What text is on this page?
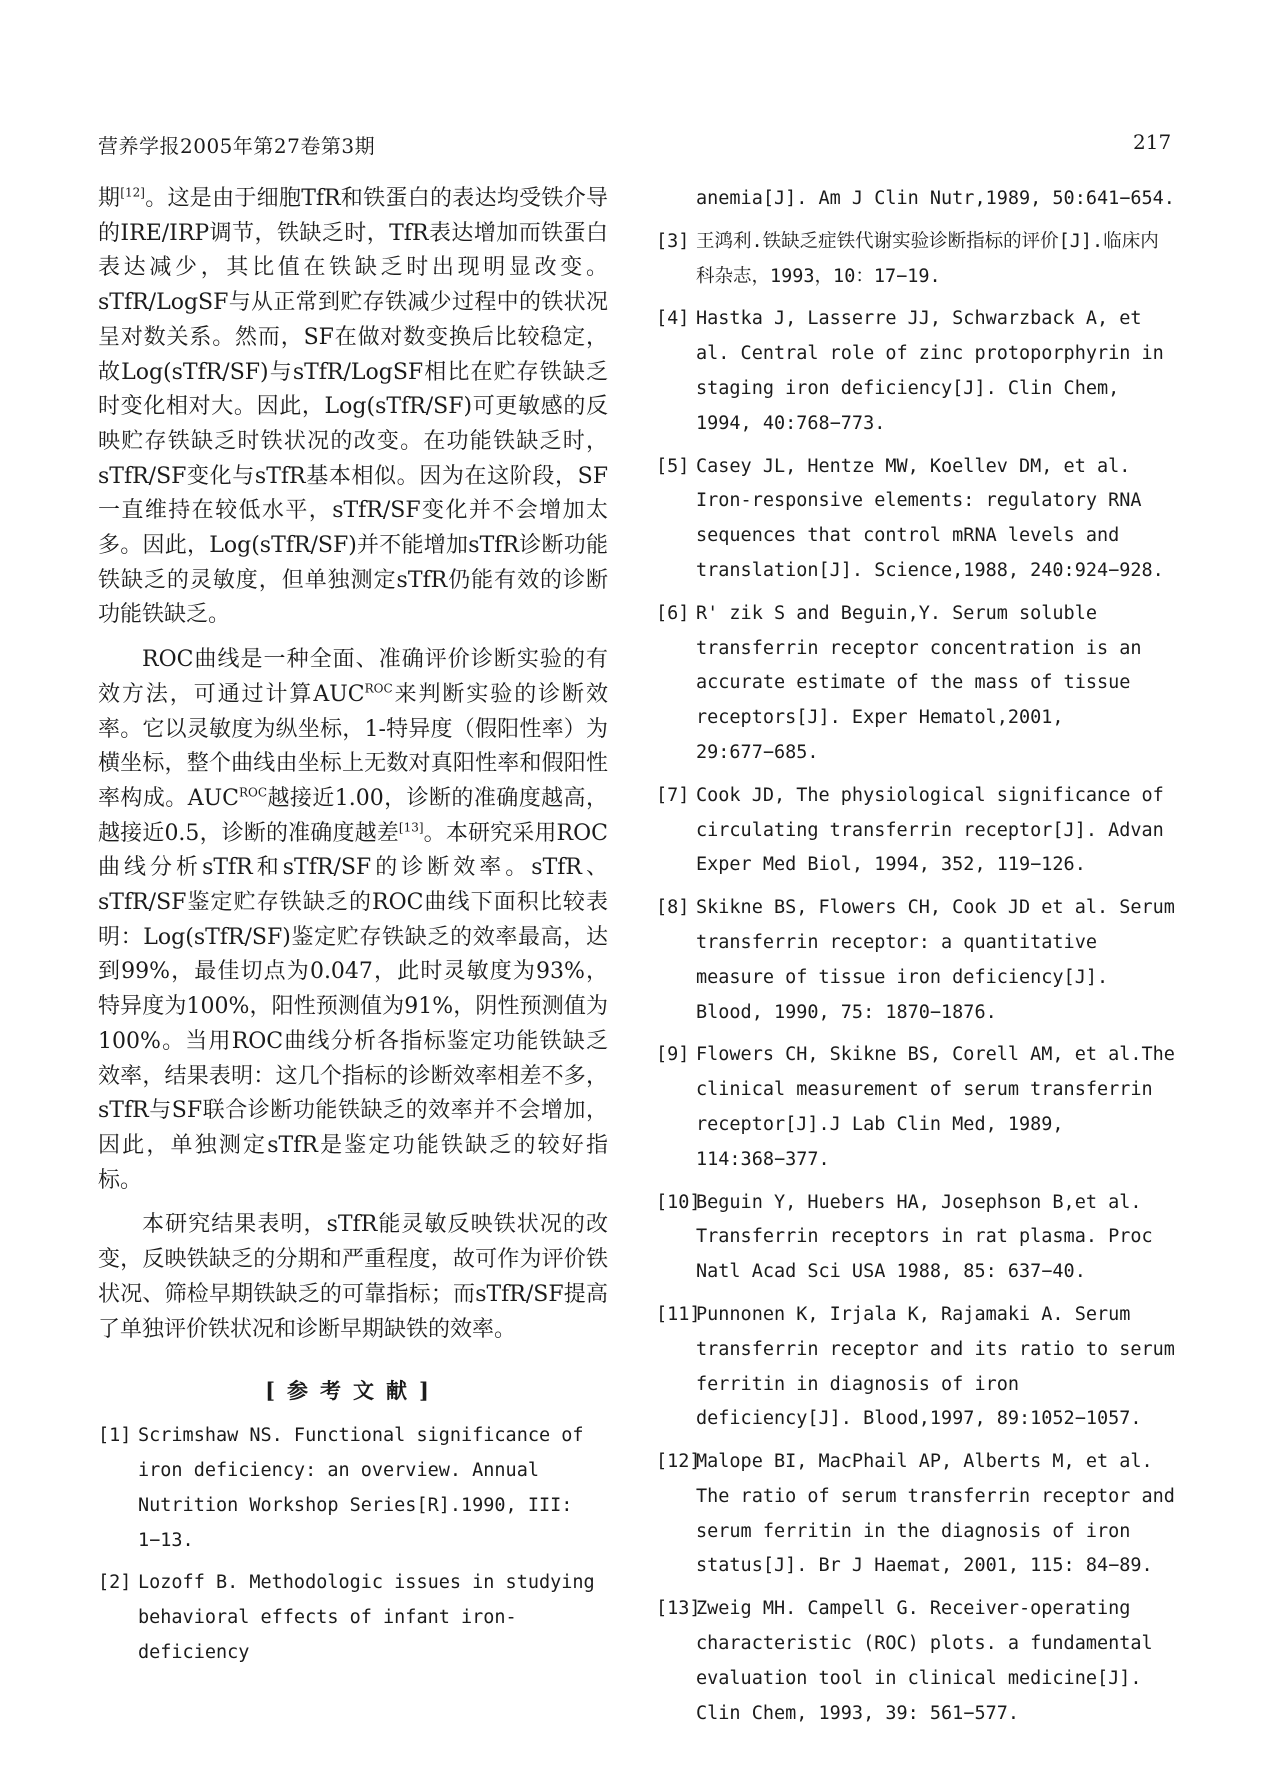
营养学报2005年第27卷第3期	217

期[12]。这是由于细胞TfR和铁蛋白的表达均受铁介导的IRE/IRP调节，铁缺乏时，TfR表达增加而铁蛋白表达减少，其比值在铁缺乏时出现明显改变。sTfR/LogSF与从正常到贮存铁减少过程中的铁状况呈对数关系。然而，SF在做对数变换后比较稳定，故Log(sTfR/SF)与sTfR/LogSF相比在贮存铁缺乏时变化相对大。因此，Log(sTfR/SF)可更敏感的反映贮存铁缺乏时铁状况的改变。在功能铁缺乏时，sTfR/SF变化与sTfR基本相似。因为在这阶段，SF一直维持在较低水平，sTfR/SF变化并不会增加太多。因此，Log(sTfR/SF)并不能增加sTfR诊断功能铁缺乏的灵敏度，但单独测定sTfR仍能有效的诊断功能铁缺乏。

ROC曲线是一种全面、准确评价诊断实验的有效方法，可通过计算$AUC^{ROC}$来判断实验的诊断效率。它以灵敏度为纵坐标，1-特异度（假阳性率）为横坐标，整个曲线由坐标上无数对真阳性率和假阳性率构成。$AUC^{ROC}$越接近1.00，诊断的准确度越高，越接近0.5，诊断的准确度越差[13]。本研究采用ROC曲线分析sTfR和sTfR/SF的诊断效率。sTfR、sTfR/SF鉴定贮存铁缺乏的ROC曲线下面积比较表明：Log(sTfR/SF)鉴定贮存铁缺乏的效率最高，达到99%，最佳切点为0.047，此时灵敏度为93%，特异度为100%，阳性预测值为91%，阴性预测值为100%。当用ROC曲线分析各指标鉴定功能铁缺乏效率，结果表明：这几个指标的诊断效率相差不多，sTfR与SF联合诊断功能铁缺乏的效率并不会增加，因此，单独测定sTfR是鉴定功能铁缺乏的较好指标。

本研究结果表明，sTfR能灵敏反映铁状况的改变，反映铁缺乏的分期和严重程度，故可作为评价铁状况、筛检早期铁缺乏的可靠指标；而sTfR/SF提高了单独评价铁状况和诊断早期缺铁的效率。

[参考文献]
[1] Scrimshaw NS. Functional significance of iron deficiency: an overview. Annual Nutrition Workshop Series[R].1990, III: 1−13.
[2] Lozoff B. Methodologic issues in studying behavioral effects of infant iron-deficiency
anemia[J]. Am J Clin Nutr,1989, 50:641−654.
[3] 王鸿利.铁缺乏症铁代谢实验诊断指标的评价[J].临床内科杂志，1993，10：17−19.
[4] Hastka J, Lasserre JJ, Schwarzback A, et al. Central role of zinc protoporphyrin in staging iron deficiency[J]. Clin Chem, 1994, 40:768−773.
[5] Casey JL, Hentze MW, Koellev DM, et al. Iron-responsive elements: regulatory RNA sequences that control mRNA levels and translation[J]. Science,1988, 240:924−928.
[6] R' zik S and Beguin,Y. Serum soluble transferrin receptor concentration is an accurate estimate of the mass of tissue receptors[J]. Exper Hematol,2001, 29:677−685.
[7] Cook JD, The physiological significance of circulating transferrin receptor[J]. Advan Exper Med Biol, 1994, 352, 119−126.
[8] Skikne BS, Flowers CH, Cook JD et al. Serum transferrin receptor: a quantitative measure of tissue iron deficiency[J]. Blood, 1990, 75: 1870−1876.
[9] Flowers CH, Skikne BS, Corell AM, et al.The clinical measurement of serum transferrin receptor[J].J Lab Clin Med, 1989, 114:368−377.
[10]
Beguin Y, Huebers HA, Josephson B,et al. Transferrin receptors in rat plasma. Proc Natl Acad Sci USA 1988, 85: 637−40.
[11]
Punnonen K, Irjala K, Rajamaki A. Serum transferrin receptor and its ratio to serum ferritin in diagnosis of iron deficiency[J]. Blood,1997, 89:1052−1057.
[12]
Malope BI, MacPhail AP, Alberts M, et al. The ratio of serum transferrin receptor and serum ferritin in the diagnosis of iron status[J]. Br J Haemat, 2001, 115: 84−89.
[13]
Zweig MH. Campell G. Receiver-operating characteristic (ROC) plots. a fundamental evaluation tool in clinical medicine[J]. Clin Chem, 1993, 39: 561−577.
